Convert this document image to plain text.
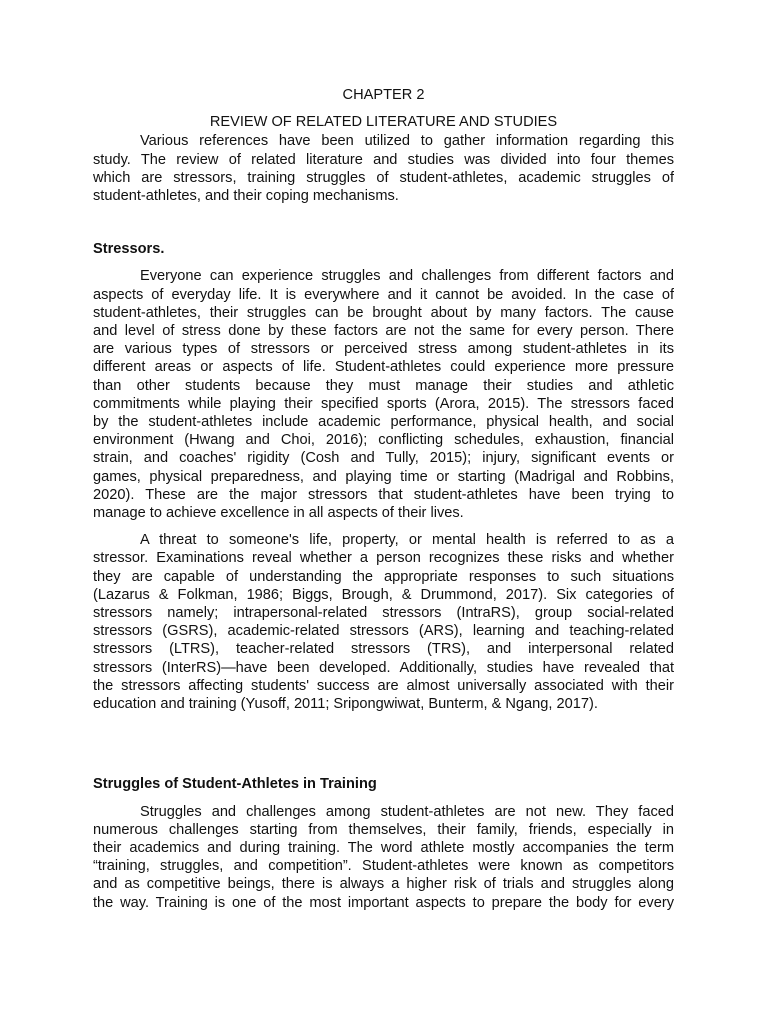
CHAPTER 2

REVIEW OF RELATED LITERATURE AND STUDIES

Various references have been utilized to gather information regarding this
study. The review of related literature and studies was divided into four themes
which are stressors, training struggles of student-athletes, academic struggles of
student-athletes, and their coping mechanisms.

Stressors.

Everyone can experience struggles and challenges from different factors and
aspects of everyday life. It is everywhere and it cannot be avoided. In the case of
student-athletes, their struggles can be brought about by many factors. The cause
and level of stress done by these factors are not the same for every person. There
are various types of stressors or perceived stress among student-athletes in its
different areas or aspects of life. Student-athletes could experience more pressure
than other students because they must manage their studies and athletic
commitments while playing their specified sports (Arora, 2015). The stressors faced
by the student-athletes include academic performance, physical health, and social
environment (Hwang and Choi, 2016); conflicting schedules, exhaustion, financial
strain, and coaches' rigidity (Cosh and Tully, 2015); injury, significant events or
games, physical preparedness, and playing time or starting (Madrigal and Robbins,
2020). These are the major stressors that student-athletes have been trying to
manage to achieve excellence in all aspects of their lives.

A threat to someone's life, property, or mental health is referred to as a
stressor. Examinations reveal whether a person recognizes these risks and whether
they are capable of understanding the appropriate responses to such situations
(Lazarus & Folkman, 1986; Biggs, Brough, & Drummond, 2017). Six categories of
stressors namely; intrapersonal-related stressors (IntraRS), group social-related
stressors (GSRS), academic-related stressors (ARS), learning and teaching-related
stressors (LTRS), teacher-related stressors (TRS), and interpersonal related
stressors (InterRS)—have been developed. Additionally, studies have revealed that
the stressors affecting students' success are almost universally associated with their
education and training (Yusoff, 2011; Sripongwiwat, Bunterm, & Ngang, 2017).

Struggles of Student-Athletes in Training

Struggles and challenges among student-athletes are not new. They faced
numerous challenges starting from themselves, their family, friends, especially in
their academics and during training. The word athlete mostly accompanies the term
“training, struggles, and competition”. Student-athletes were known as competitors
and as competitive beings, there is always a higher risk of trials and struggles along
the way. Training is one of the most important aspects to prepare the body for every
